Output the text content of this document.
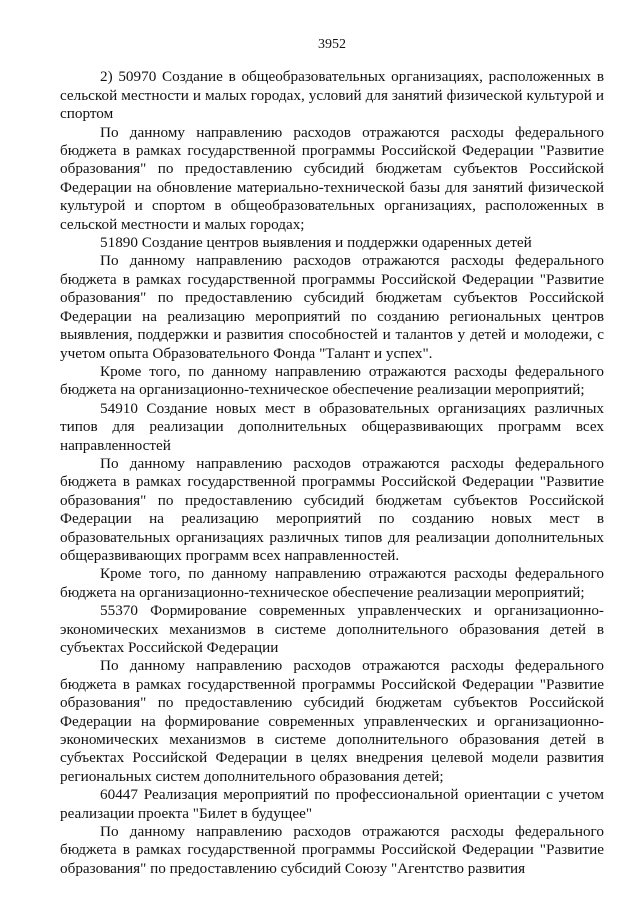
3952

2) 50970 Создание в общеобразовательных организациях, расположенных в сельской местности и малых городах, условий для занятий физической культурой и спортом

По данному направлению расходов отражаются расходы федерального бюджета в рамках государственной программы Российской Федерации "Развитие образования" по предоставлению субсидий бюджетам субъектов Российской Федерации на обновление материально-технической базы для занятий физической культурой и спортом в общеобразовательных организациях, расположенных в сельской местности и малых городах;

51890 Создание центров выявления и поддержки одаренных детей

По данному направлению расходов отражаются расходы федерального бюджета в рамках государственной программы Российской Федерации "Развитие образования" по предоставлению субсидий бюджетам субъектов Российской Федерации на реализацию мероприятий по созданию региональных центров выявления, поддержки и развития способностей и талантов у детей и молодежи, с учетом опыта Образовательного Фонда "Талант и успех".

Кроме того, по данному направлению отражаются расходы федерального бюджета на организационно-техническое обеспечение реализации мероприятий;

54910 Создание новых мест в образовательных организациях различных типов для реализации дополнительных общеразвивающих программ всех направленностей

По данному направлению расходов отражаются расходы федерального бюджета в рамках государственной программы Российской Федерации "Развитие образования" по предоставлению субсидий бюджетам субъектов Российской Федерации на реализацию мероприятий по созданию новых мест в образовательных организациях различных типов для реализации дополнительных общеразвивающих программ всех направленностей.

Кроме того, по данному направлению отражаются расходы федерального бюджета на организационно-техническое обеспечение реализации мероприятий;

55370 Формирование современных управленческих и организационно-экономических механизмов в системе дополнительного образования детей в субъектах Российской Федерации

По данному направлению расходов отражаются расходы федерального бюджета в рамках государственной программы Российской Федерации "Развитие образования" по предоставлению субсидий бюджетам субъектов Российской Федерации на формирование современных управленческих и организационно-экономических механизмов в системе дополнительного образования детей в субъектах Российской Федерации в целях внедрения целевой модели развития региональных систем дополнительного образования детей;

60447 Реализация мероприятий по профессиональной ориентации с учетом реализации проекта "Билет в будущее"

По данному направлению расходов отражаются расходы федерального бюджета в рамках государственной программы Российской Федерации "Развитие образования" по предоставлению субсидий Союзу "Агентство развития
